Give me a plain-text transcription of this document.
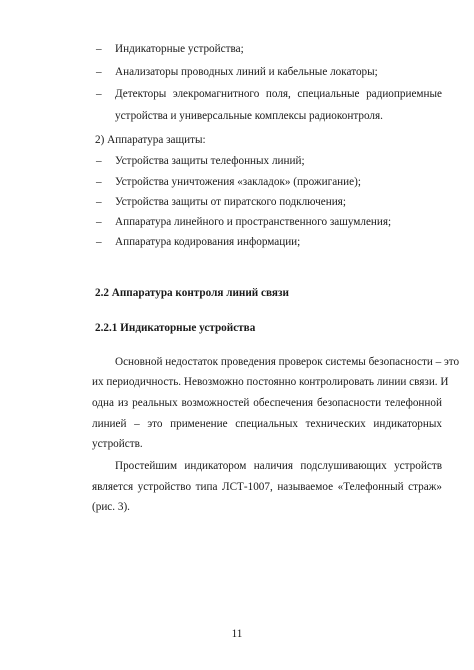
– Индикаторные устройства;
– Анализаторы проводных линий и кабельные локаторы;
– Детекторы элекромагнитного поля, специальные радиоприемные
устройства и универсальные комплексы радиоконтроля.
2) Аппаратура защиты:
– Устройства защиты телефонных линий;
– Устройства уничтожения «закладок» (прожигание);
– Устройства защиты от пиратского подключения;
– Аппаратура линейного и пространственного зашумления;
– Аппаратура кодирования информации;
2.2 Аппаратура контроля линий связи
2.2.1 Индикаторные устройства
Основной недостаток проведения проверок системы безопасности – это
их периодичность. Невозможно постоянно контролировать линии связи. И
одна из реальных возможностей обеспечения безопасности телефонной
линией – это применение специальных технических индикаторных
устройств.
Простейшим индикатором наличия подслушивающих устройств
является устройство типа ЛСТ-1007, называемое «Телефонный страж»
(рис. 3).
11
